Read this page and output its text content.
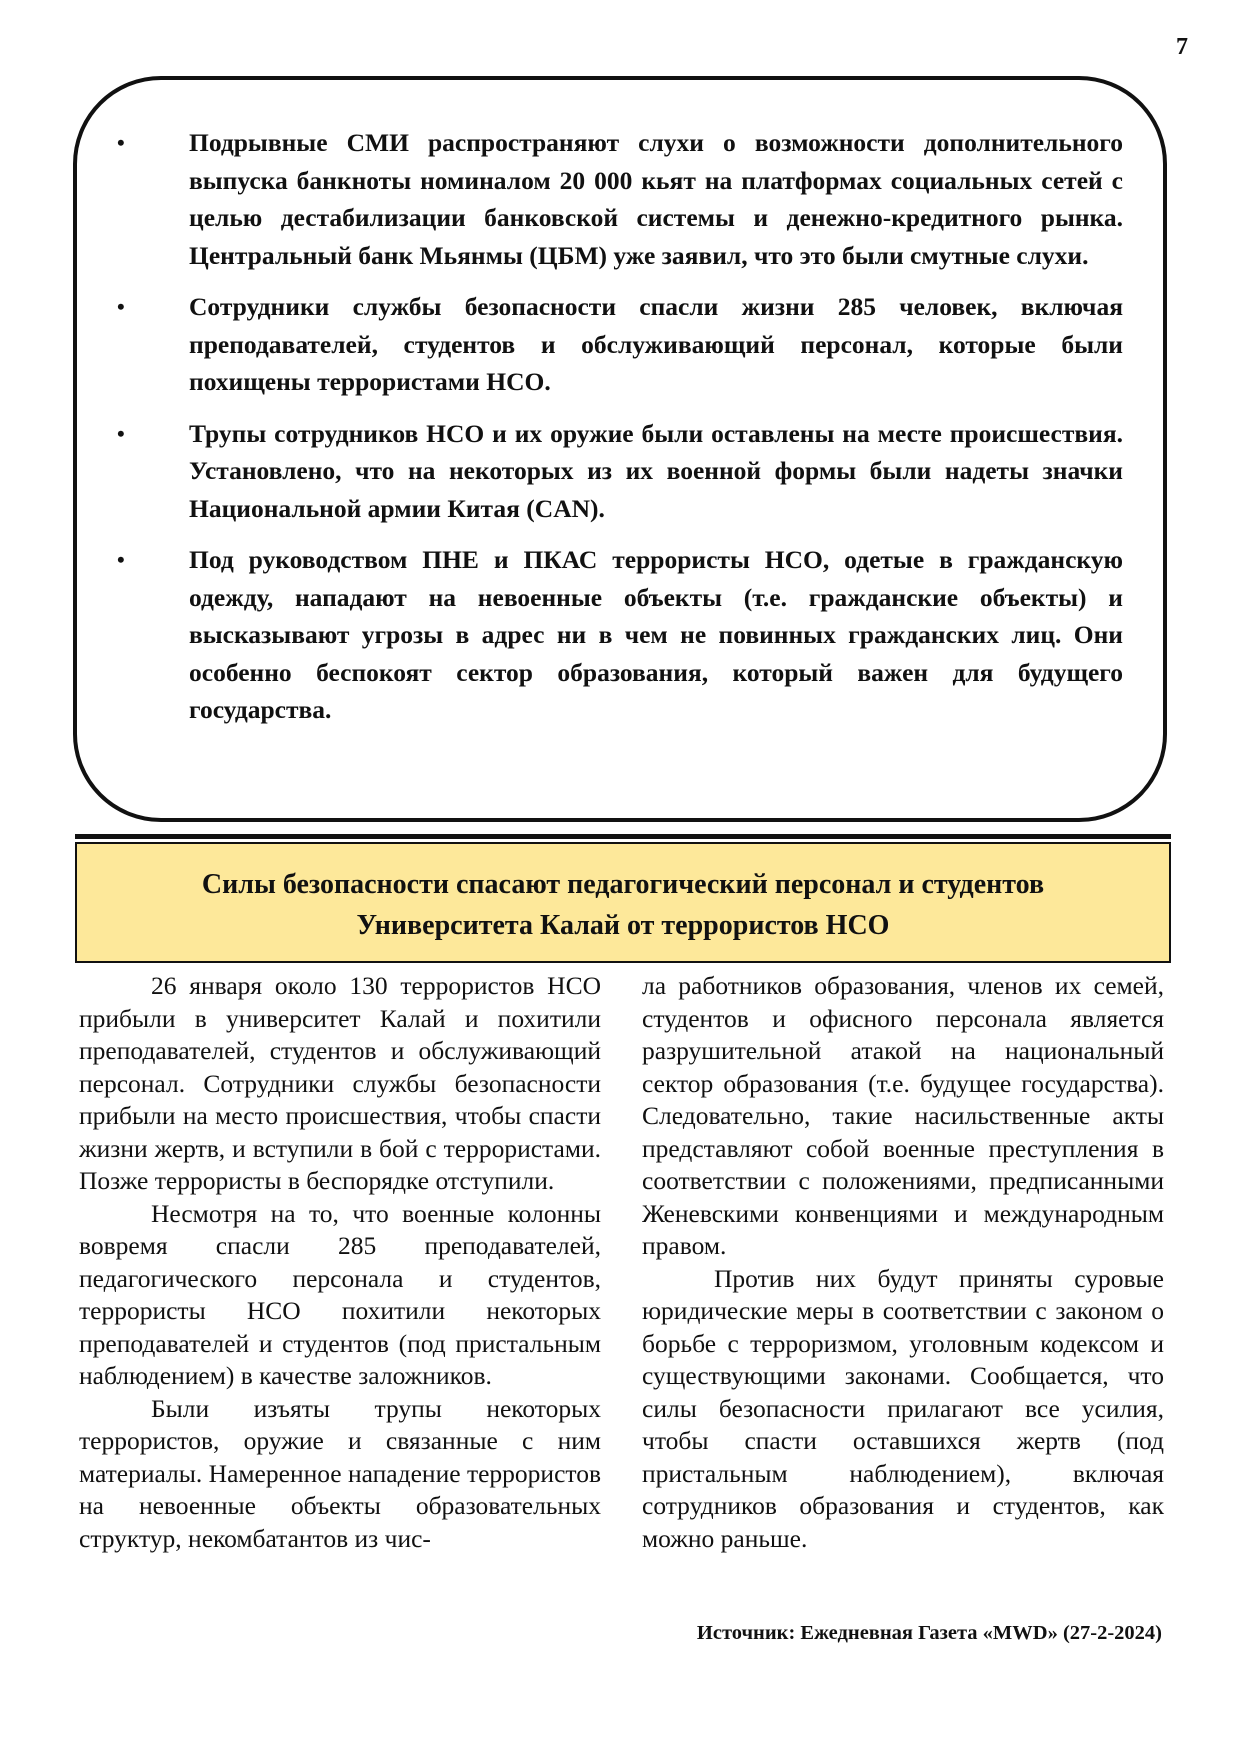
7
•	Подрывные СМИ распространяют слухи о возможности дополнительного выпуска банкноты номиналом 20 000 кьят на платформах социальных сетей с целью дестабилизации банковской системы и денежно-кредитного рынка. Центральный банк Мьянмы (ЦБМ) уже заявил, что это были смутные слухи.
•	Сотрудники службы безопасности спасли жизни 285 человек, включая преподавателей, студентов и обслуживающий персонал, которые были похищены террористами НСО.
•	Трупы сотрудников НСО и их оружие были оставлены на месте происшествия. Установлено, что на некоторых из их военной формы были надеты значки Национальной армии Китая (CAN).
•	Под руководством ПНЕ и ПКАС террористы НСО, одетые в гражданскую одежду, нападают на невоенные объекты (т.е. гражданские объекты) и высказывают угрозы в адрес ни в чем не повинных гражданских лиц. Они особенно беспокоят сектор образования, который важен для будущего государства.
Силы безопасности спасают педагогический персонал и студентов
Университета Калай от террористов НСО

26 января около 130 террористов НСО прибыли в университет Калай и похитили преподавателей, студентов и обслуживающий персонал. Сотрудники службы безопасности прибыли на место происшествия, чтобы спасти жизни жертв, и вступили в бой с террористами. Позже террористы в беспорядке отступили.

Несмотря на то, что военные колонны вовремя спасли 285 преподавателей, педагогического персонала и студентов, террористы НСО похитили некоторых преподавателей и студентов (под пристальным наблюдением) в качестве заложников.

Были изъяты трупы некоторых террористов, оружие и связанные с ним материалы. Намеренное нападение террористов на невоенные объекты образовательных структур, некомбатантов из чис-

ла работников образования, членов их семей, студентов и офисного персонала является разрушительной атакой на национальный сектор образования (т.е. будущее государства). Следовательно, такие насильственные акты представляют собой военные преступления в соответствии с положениями, предписанными Женевскими конвенциями и международным правом.

Против них будут приняты суровые юридические меры в соответствии с законом о борьбе с терроризмом, уголовным кодексом и существующими законами. Сообщается, что силы безопасности прилагают все усилия, чтобы спасти оставшихся жертв (под пристальным наблюдением), включая сотрудников образования и студентов, как можно раньше.

Источник: Ежедневная Газета «MWD» (27-2-2024)
